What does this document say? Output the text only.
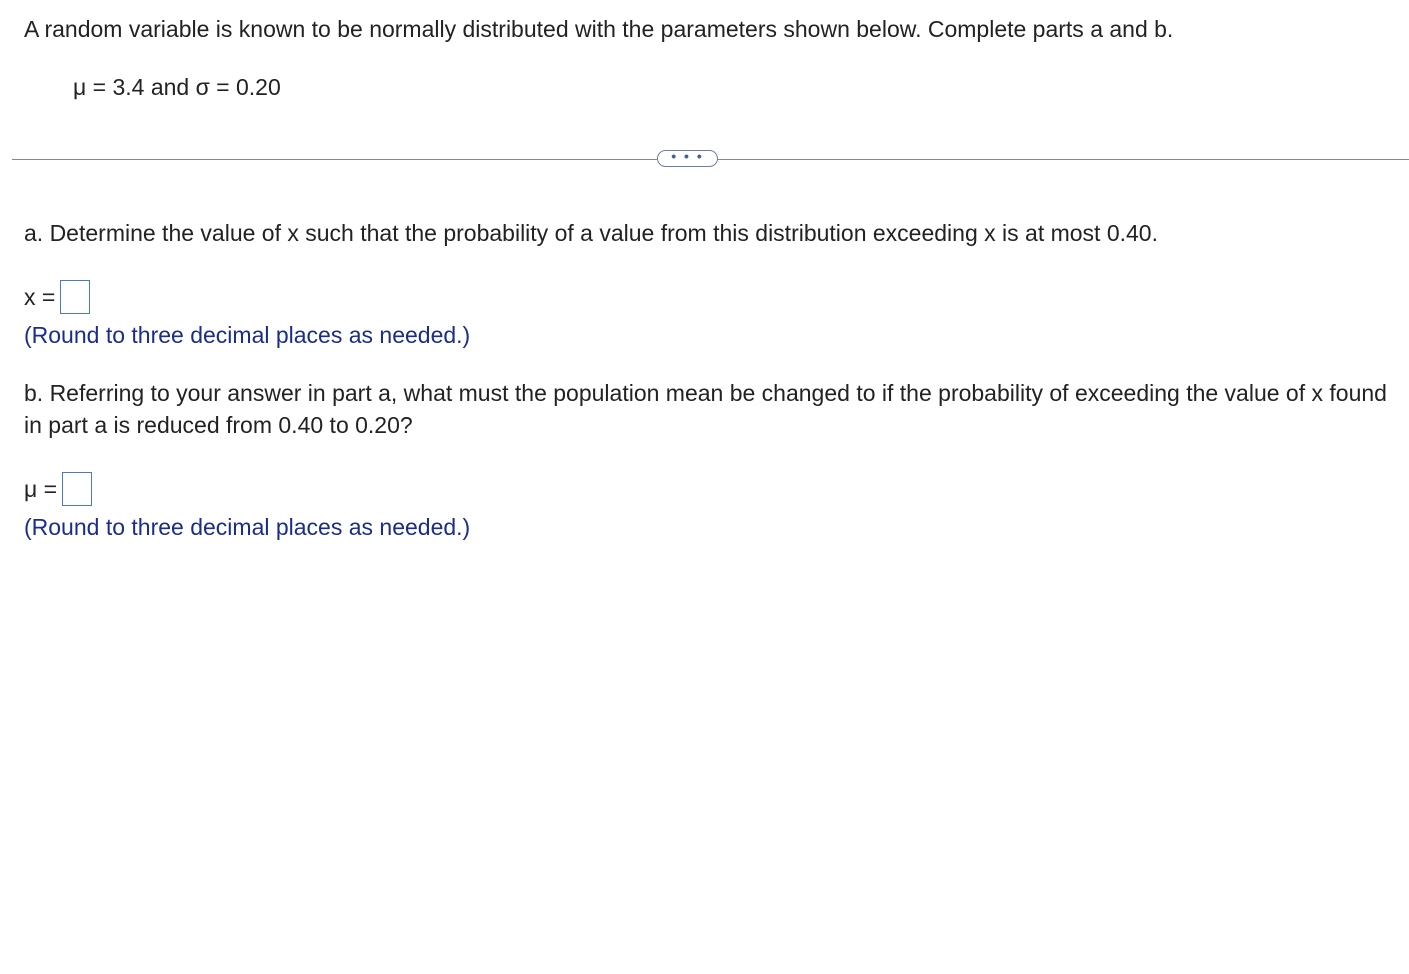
A random variable is known to be normally distributed with the parameters shown below. Complete parts a and b.
μ = 3.4 and σ = 0.20
• • •
a. Determine the value of x such that the probability of a value from this distribution exceeding x is at most 0.40.
x =
(Round to three decimal places as needed.)
b. Referring to your answer in part a, what must the population mean be changed to if the probability of exceeding the value of x found in part a is reduced from 0.40 to 0.20?
μ =
(Round to three decimal places as needed.)
